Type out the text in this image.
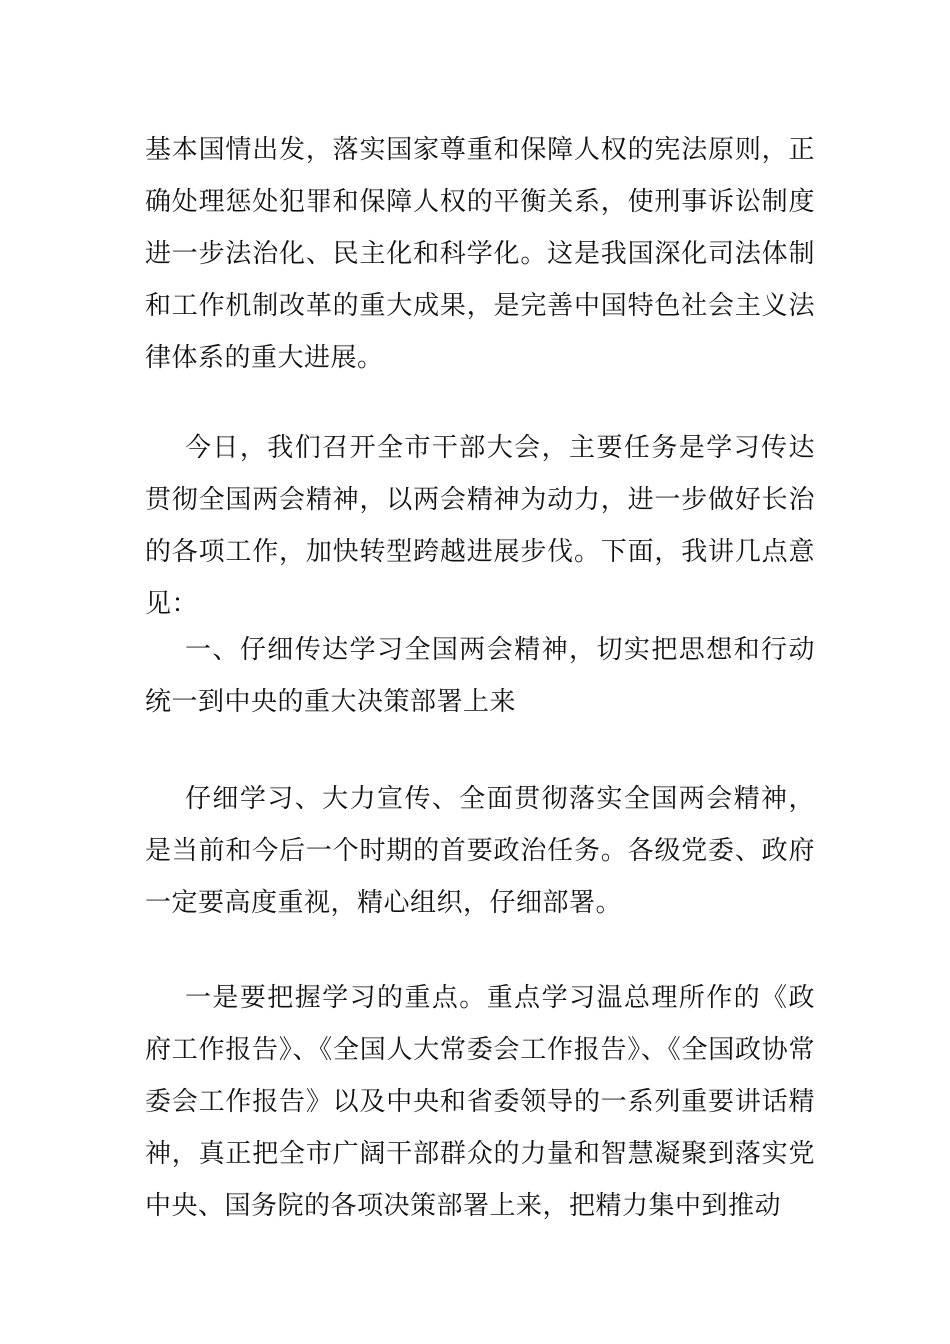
基本国情出发，落实国家尊重和保障人权的宪法原则，正确处理惩处犯罪和保障人权的平衡关系，使刑事诉讼制度进一步法治化、民主化和科学化。这是我国深化司法体制和工作机制改革的重大成果，是完善中国特色社会主义法律体系的重大进展。

今日，我们召开全市干部大会，主要任务是学习传达贯彻全国两会精神，以两会精神为动力，进一步做好长治的各项工作，加快转型跨越进展步伐。下面，我讲几点意见：

一、仔细传达学习全国两会精神，切实把思想和行动统一到中央的重大决策部署上来

仔细学习、大力宣传、全面贯彻落实全国两会精神，是当前和今后一个时期的首要政治任务。各级党委、政府一定要高度重视，精心组织，仔细部署。

一是要把握学习的重点。重点学习温总理所作的《政府工作报告》、《全国人大常委会工作报告》、《全国政协常委会工作报告》以及中央和省委领导的一系列重要讲话精神，真正把全市广阔干部群众的力量和智慧凝聚到落实党中央、国务院的各项决策部署上来，把精力集中到推动
